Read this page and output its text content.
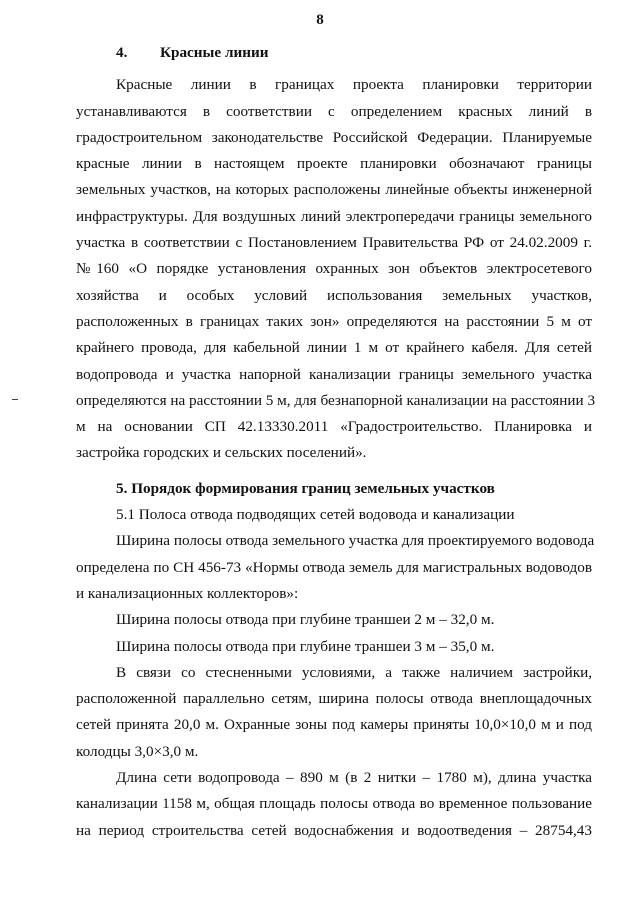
8

4. Красные линии

Красные линии в границах проекта планировки территории
устанавливаются в соответствии с определением красных линий в
градостроительном законодательстве Российской Федерации. Планируемые
красные линии в настоящем проекте планировки обозначают границы
земельных участков, на которых расположены линейные объекты инженерной
инфраструктуры. Для воздушных линий электропередачи границы земельного
участка в соответствии с Постановлением Правительства РФ от 24.02.2009 г.
№160 «О порядке установления охранных зон объектов электросетевого
хозяйства и особых условий использования земельных участков,
расположенных в границах таких зон» определяются на расстоянии 5 м от
крайнего провода, для кабельной линии 1 м от крайнего кабеля. Для сетей
водопровода и участка напорной канализации границы земельного участка
определяются на расстоянии 5 м, для безнапорной канализации на расстоянии 3
м на основании СП 42.13330.2011 «Градостроительство. Планировка и
застройка городских и сельских поселений».

5. Порядок формирования границ земельных участков

5.1 Полоса отвода подводящих сетей водовода и канализации

Ширина полосы отвода земельного участка для проектируемого водовода
определена по СН 456-73 «Нормы отвода земель для магистральных водоводов
и канализационных коллекторов»:

Ширина полосы отвода при глубине траншеи 2 м – 32,0 м.

Ширина полосы отвода при глубине траншеи 3 м – 35,0 м.

В связи со стесненными условиями, а также наличием застройки,
расположенной параллельно сетям, ширина полосы отвода внеплощадочных
сетей принята 20,0 м. Охранные зоны под камеры приняты 10,0×10,0 м и под
колодцы 3,0×3,0 м.
Длина сети водопровода – 890 м (в 2 нитки – 1780 м), длина участка
канализации 1158 м, общая площадь полосы отвода во временное пользование
на период строительства сетей водоснабжения и водоотведения – 28754,43
